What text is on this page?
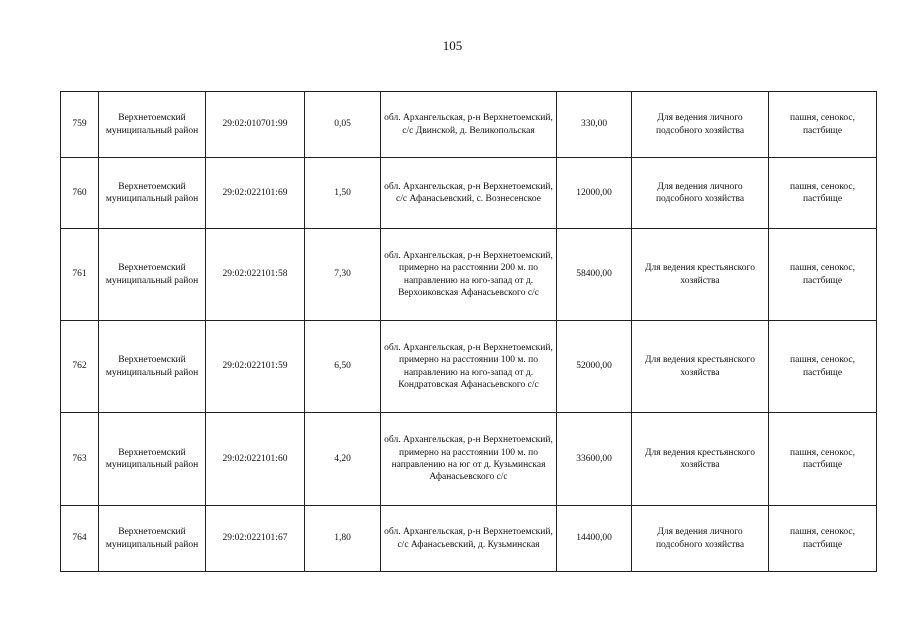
105
759	Верхнетоемский муниципальный район	29:02:010701:99	0,05	обл. Архангельская, р-н Верхнетоемский, с/с Двинской, д. Великопольская	330,00	Для ведения личного подсобного хозяйства	пашня, сенокос, пастбище
760	Верхнетоемский муниципальный район	29:02:022101:69	1,50	обл. Архангельская, р-н Верхнетоемский, с/с Афанасьевский, с. Вознесенское	12000,00	Для ведения личного подсобного хозяйства	пашня, сенокос, пастбище
761	Верхнетоемский муниципальный район	29:02:022101:58	7,30	обл. Архангельская, р-н Верхнетоемский, примерно на расстоянии 200 м. по направлению на юго-запад от д. Верхоиковская Афанасьевского с/с	58400,00	Для ведения крестьянского хозяйства	пашня, сенокос, пастбище
762	Верхнетоемский муниципальный район	29:02:022101:59	6,50	обл. Архангельская, р-н Верхнетоемский, примерно на расстоянии 100 м. по направлению на юго-запад от д. Кондратовская Афанасьевского с/с	52000,00	Для ведения крестьянского хозяйства	пашня, сенокос, пастбище
763	Верхнетоемский муниципальный район	29:02:022101:60	4,20	обл. Архангельская, р-н Верхнетоемский, примерно на расстоянии 100 м. по направлению на юг от д. Кузьминская Афанасьевского с/с	33600,00	Для ведения крестьянского хозяйства	пашня, сенокос, пастбище
764	Верхнетоемский муниципальный район	29:02:022101:67	1,80	обл. Архангельская, р-н Верхнетоемский, с/с Афанасьевский, д. Кузьминская	14400,00	Для ведения личного подсобного хозяйства	пашня, сенокос, пастбище
